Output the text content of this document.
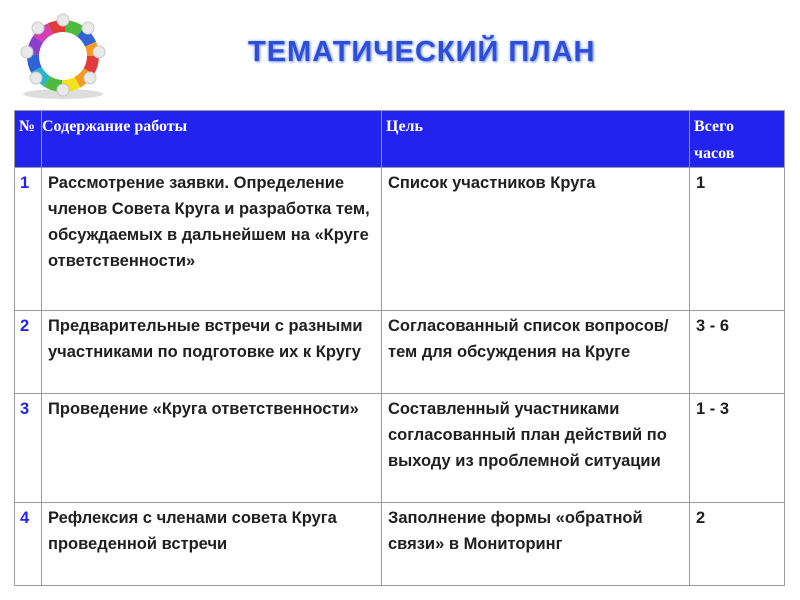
ТЕМАТИЧЕСКИЙ ПЛАН
№	Содержание работы	Цель	Всего
часов
1	Рассмотрение заявки. Определение членов Совета Круга и разработка тем, обсуждаемых в дальнейшем на «Круге ответственности»	Список участников Круга	1
2	Предварительные встречи с разными участниками по подготовке их к Кругу	Согласованный список вопросов/тем для обсуждения на Круге	3 - 6
3	Проведение «Круга ответственности»	Составленный участниками согласованный план действий по выходу из проблемной ситуации	1 - 3
4	Рефлексия с членами совета Круга проведенной встречи	Заполнение формы «обратной связи» в Мониторинг	2
